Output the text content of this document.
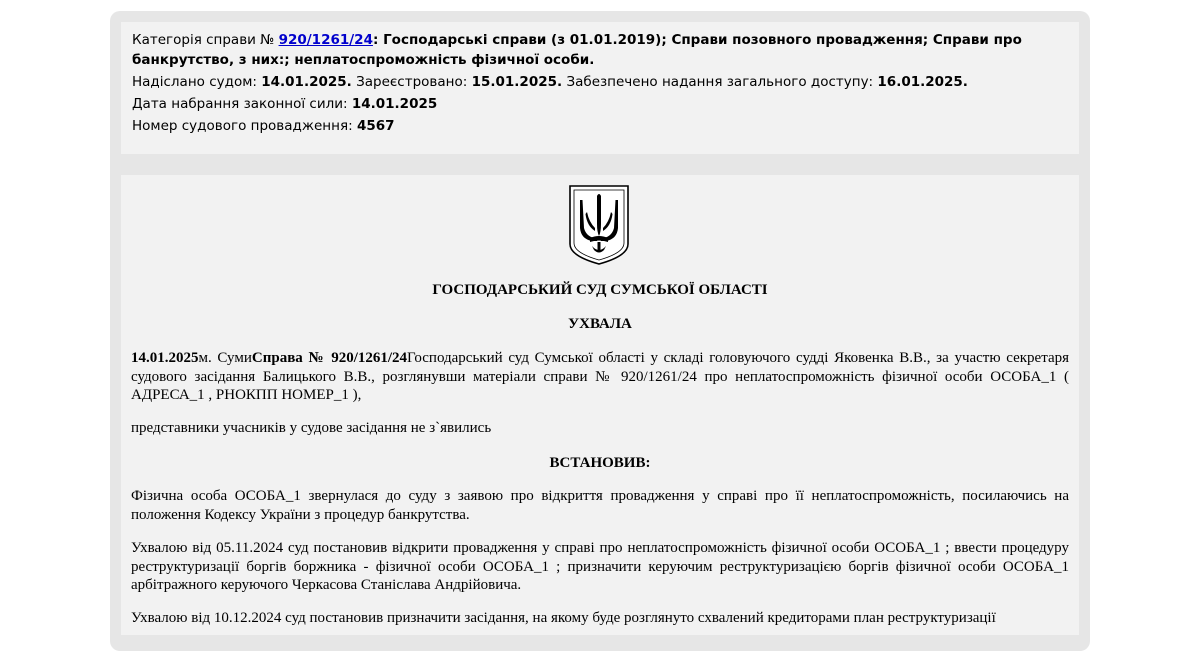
Категорія справи № 920/1261/24: Господарські справи (з 01.01.2019); Справи позовного провадження; Справи про банкрутство, з них:; неплатоспроможність фізичної особи.

Надіслано судом: 14.01.2025. Зареєстровано: 15.01.2025. Забезпечено надання загального доступу: 16.01.2025.

Дата набрання законної сили: 14.01.2025

Номер судового провадження: 4567

ГОСПОДАРСЬКИЙ СУД СУМСЬКОЇ ОБЛАСТІ
УХВАЛА
14.01.2025м. СумиСправа № 920/1261/24Господарський суд Сумської області у складі головуючого судді Яковенка В.В., за участю секретаря судового засідання Балицького В.В., розглянувши матеріали справи № 920/1261/24 про неплатоспроможність фізичної особи ОСОБА_1 ( АДРЕСА_1 , РНОКПП НОМЕР_1 ),
представники учасників у судове засідання не з`явились
ВСТАНОВИВ:
Фізична особа ОСОБА_1 звернулася до суду з заявою про відкриття провадження у справі про її неплатоспроможність, посилаючись на положення Кодексу України з процедур банкрутства.
Ухвалою від 05.11.2024 суд постановив відкрити провадження у справі про неплатоспроможність фізичної особи ОСОБА_1 ; ввести процедуру реструктуризації боргів боржника - фізичної особи ОСОБА_1 ; призначити керуючим реструктуризацією боргів фізичної особи ОСОБА_1 арбітражного керуючого Черкасова Станіслава Андрійовича.
Ухвалою від 10.12.2024 суд постановив призначити засідання, на якому буде розглянуто схвалений кредиторами план реструктуризації
